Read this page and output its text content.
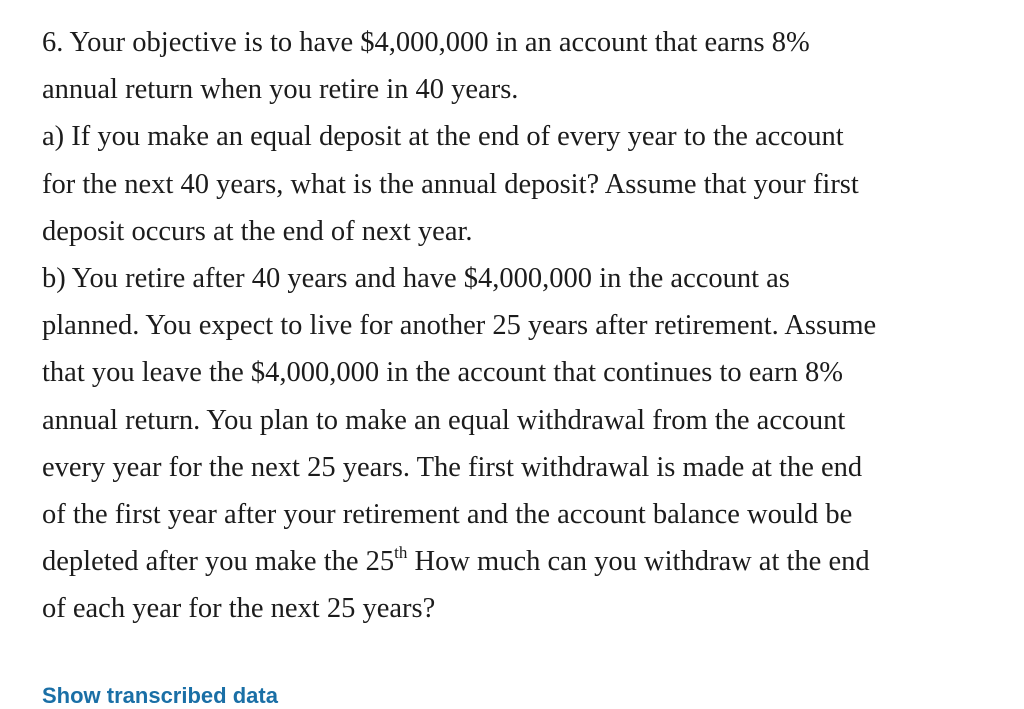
6. Your objective is to have $4,000,000 in an account that earns 8%
annual return when you retire in 40 years.
a) If you make an equal deposit at the end of every year to the account
for the next 40 years, what is the annual deposit? Assume that your first
deposit occurs at the end of next year.
b) You retire after 40 years and have $4,000,000 in the account as
planned. You expect to live for another 25 years after retirement. Assume
that you leave the $4,000,000 in the account that continues to earn 8%
annual return. You plan to make an equal withdrawal from the account
every year for the next 25 years. The first withdrawal is made at the end
of the first year after your retirement and the account balance would be
depleted after you make the 25th How much can you withdraw at the end
of each year for the next 25 years?
Show transcribed data
